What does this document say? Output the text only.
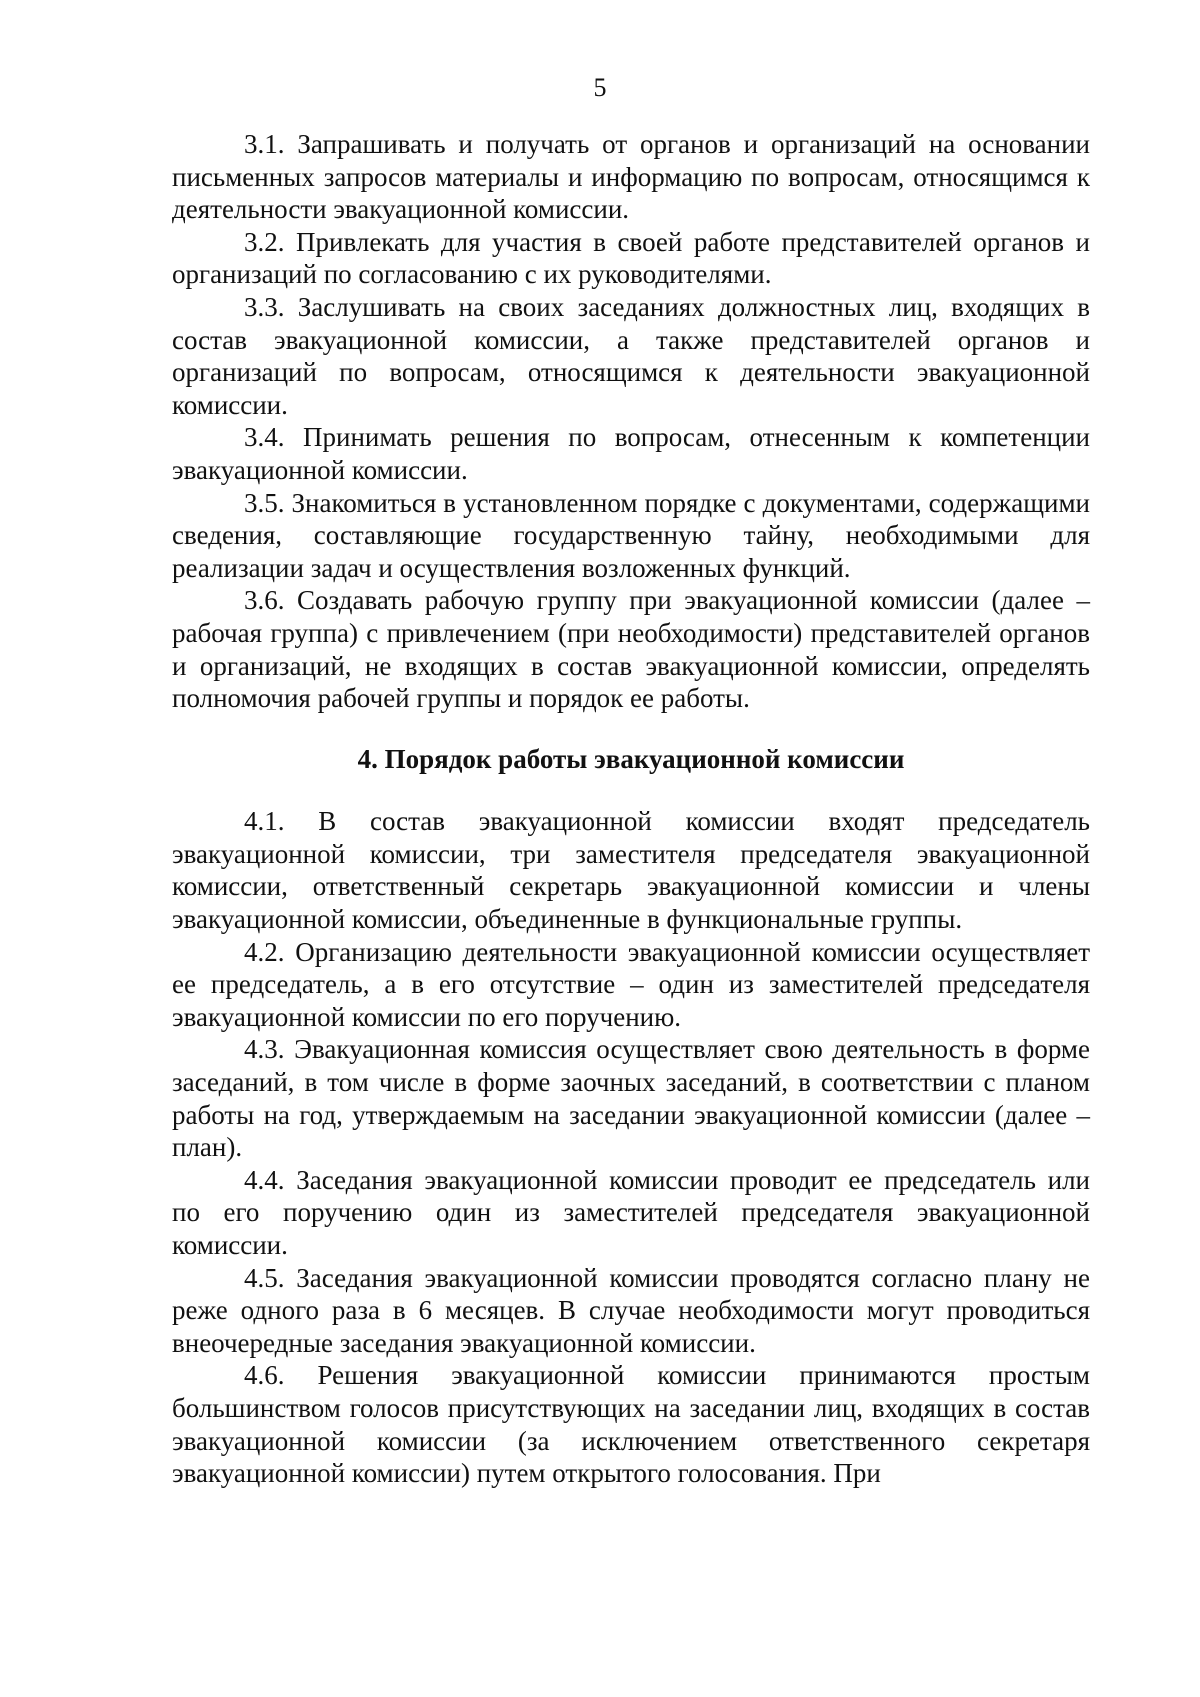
5

3.1. Запрашивать и получать от органов и организаций на основании письменных запросов материалы и информацию по вопросам, относящимся к деятельности эвакуационной комиссии.

3.2. Привлекать для участия в своей работе представителей органов и организаций по согласованию с их руководителями.

3.3. Заслушивать на своих заседаниях должностных лиц, входящих в состав эвакуационной комиссии, а также представителей органов и организаций по вопросам, относящимся к деятельности эвакуационной комиссии.

3.4. Принимать решения по вопросам, отнесенным к компетенции эвакуационной комиссии.

3.5. Знакомиться в установленном порядке с документами, содержащими сведения, составляющие государственную тайну, необходимыми для реализации задач и осуществления возложенных функций.

3.6. Создавать рабочую группу при эвакуационной комиссии (далее – рабочая группа) с привлечением (при необходимости) представителей органов и организаций, не входящих в состав эвакуационной комиссии, определять полномочия рабочей группы и порядок ее работы.

4. Порядок работы эвакуационной комиссии

4.1. В состав эвакуационной комиссии входят председатель эвакуационной комиссии, три заместителя председателя эвакуационной комиссии, ответственный секретарь эвакуационной комиссии и члены эвакуационной комиссии, объединенные в функциональные группы.

4.2. Организацию деятельности эвакуационной комиссии осуществляет ее председатель, а в его отсутствие – один из заместителей председателя эвакуационной комиссии по его поручению.

4.3. Эвакуационная комиссия осуществляет свою деятельность в форме заседаний, в том числе в форме заочных заседаний, в соответствии с планом работы на год, утверждаемым на заседании эвакуационной комиссии (далее – план).

4.4. Заседания эвакуационной комиссии проводит ее председатель или по его поручению один из заместителей председателя эвакуационной комиссии.

4.5. Заседания эвакуационной комиссии проводятся согласно плану не реже одного раза в 6 месяцев. В случае необходимости могут проводиться внеочередные заседания эвакуационной комиссии.

4.6. Решения эвакуационной комиссии принимаются простым большинством голосов присутствующих на заседании лиц, входящих в состав эвакуационной комиссии (за исключением ответственного секретаря эвакуационной комиссии) путем открытого голосования. При
